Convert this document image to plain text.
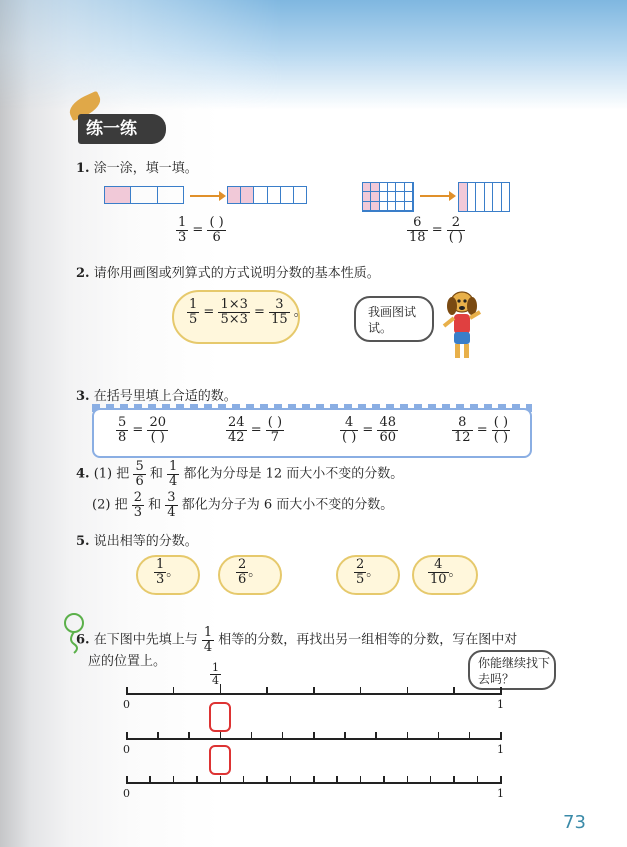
练一练
1. 涂一涂，填一填。
$\frac{1}{3} = \frac{( )}{6}$	$\frac{6}{18} = \frac{2}{( )}$
2. 请你用画图或列算式的方式说明分数的基本性质。
$\frac{1}{5} = \frac{1\times 3}{5\times 3} = \frac{3}{15}$ 。	我画图试试。
3. 在括号里填上合适的数。
$\frac{5}{8} = \frac{20}{( )}$	$\frac{24}{42} = \frac{( )}{7}$	$\frac{4}{( )} = \frac{48}{60}$	$\frac{8}{12} = \frac{( )}{( )}$
4. (1) 把 $\frac{5}{6}$ 和 $\frac{1}{4}$ 都化为分母是 12 而大小不变的分数。
(2) 把 $\frac{2}{3}$ 和 $\frac{3}{4}$ 都化为分子为 6 而大小不变的分数。
5. 说出相等的分数。
$\frac{1}{3}$ 。	$\frac{2}{6}$ 。	$\frac{2}{5}$ 。	$\frac{4}{10}$ 。
6. 在下图中先填上与 $\frac{1}{4}$ 相等的分数，再找出另一组相等的分数，写在图中对
应的位置上。	你能继续找下去吗？
$\frac{1}{4}$
0	1
0	1
0	1
73
